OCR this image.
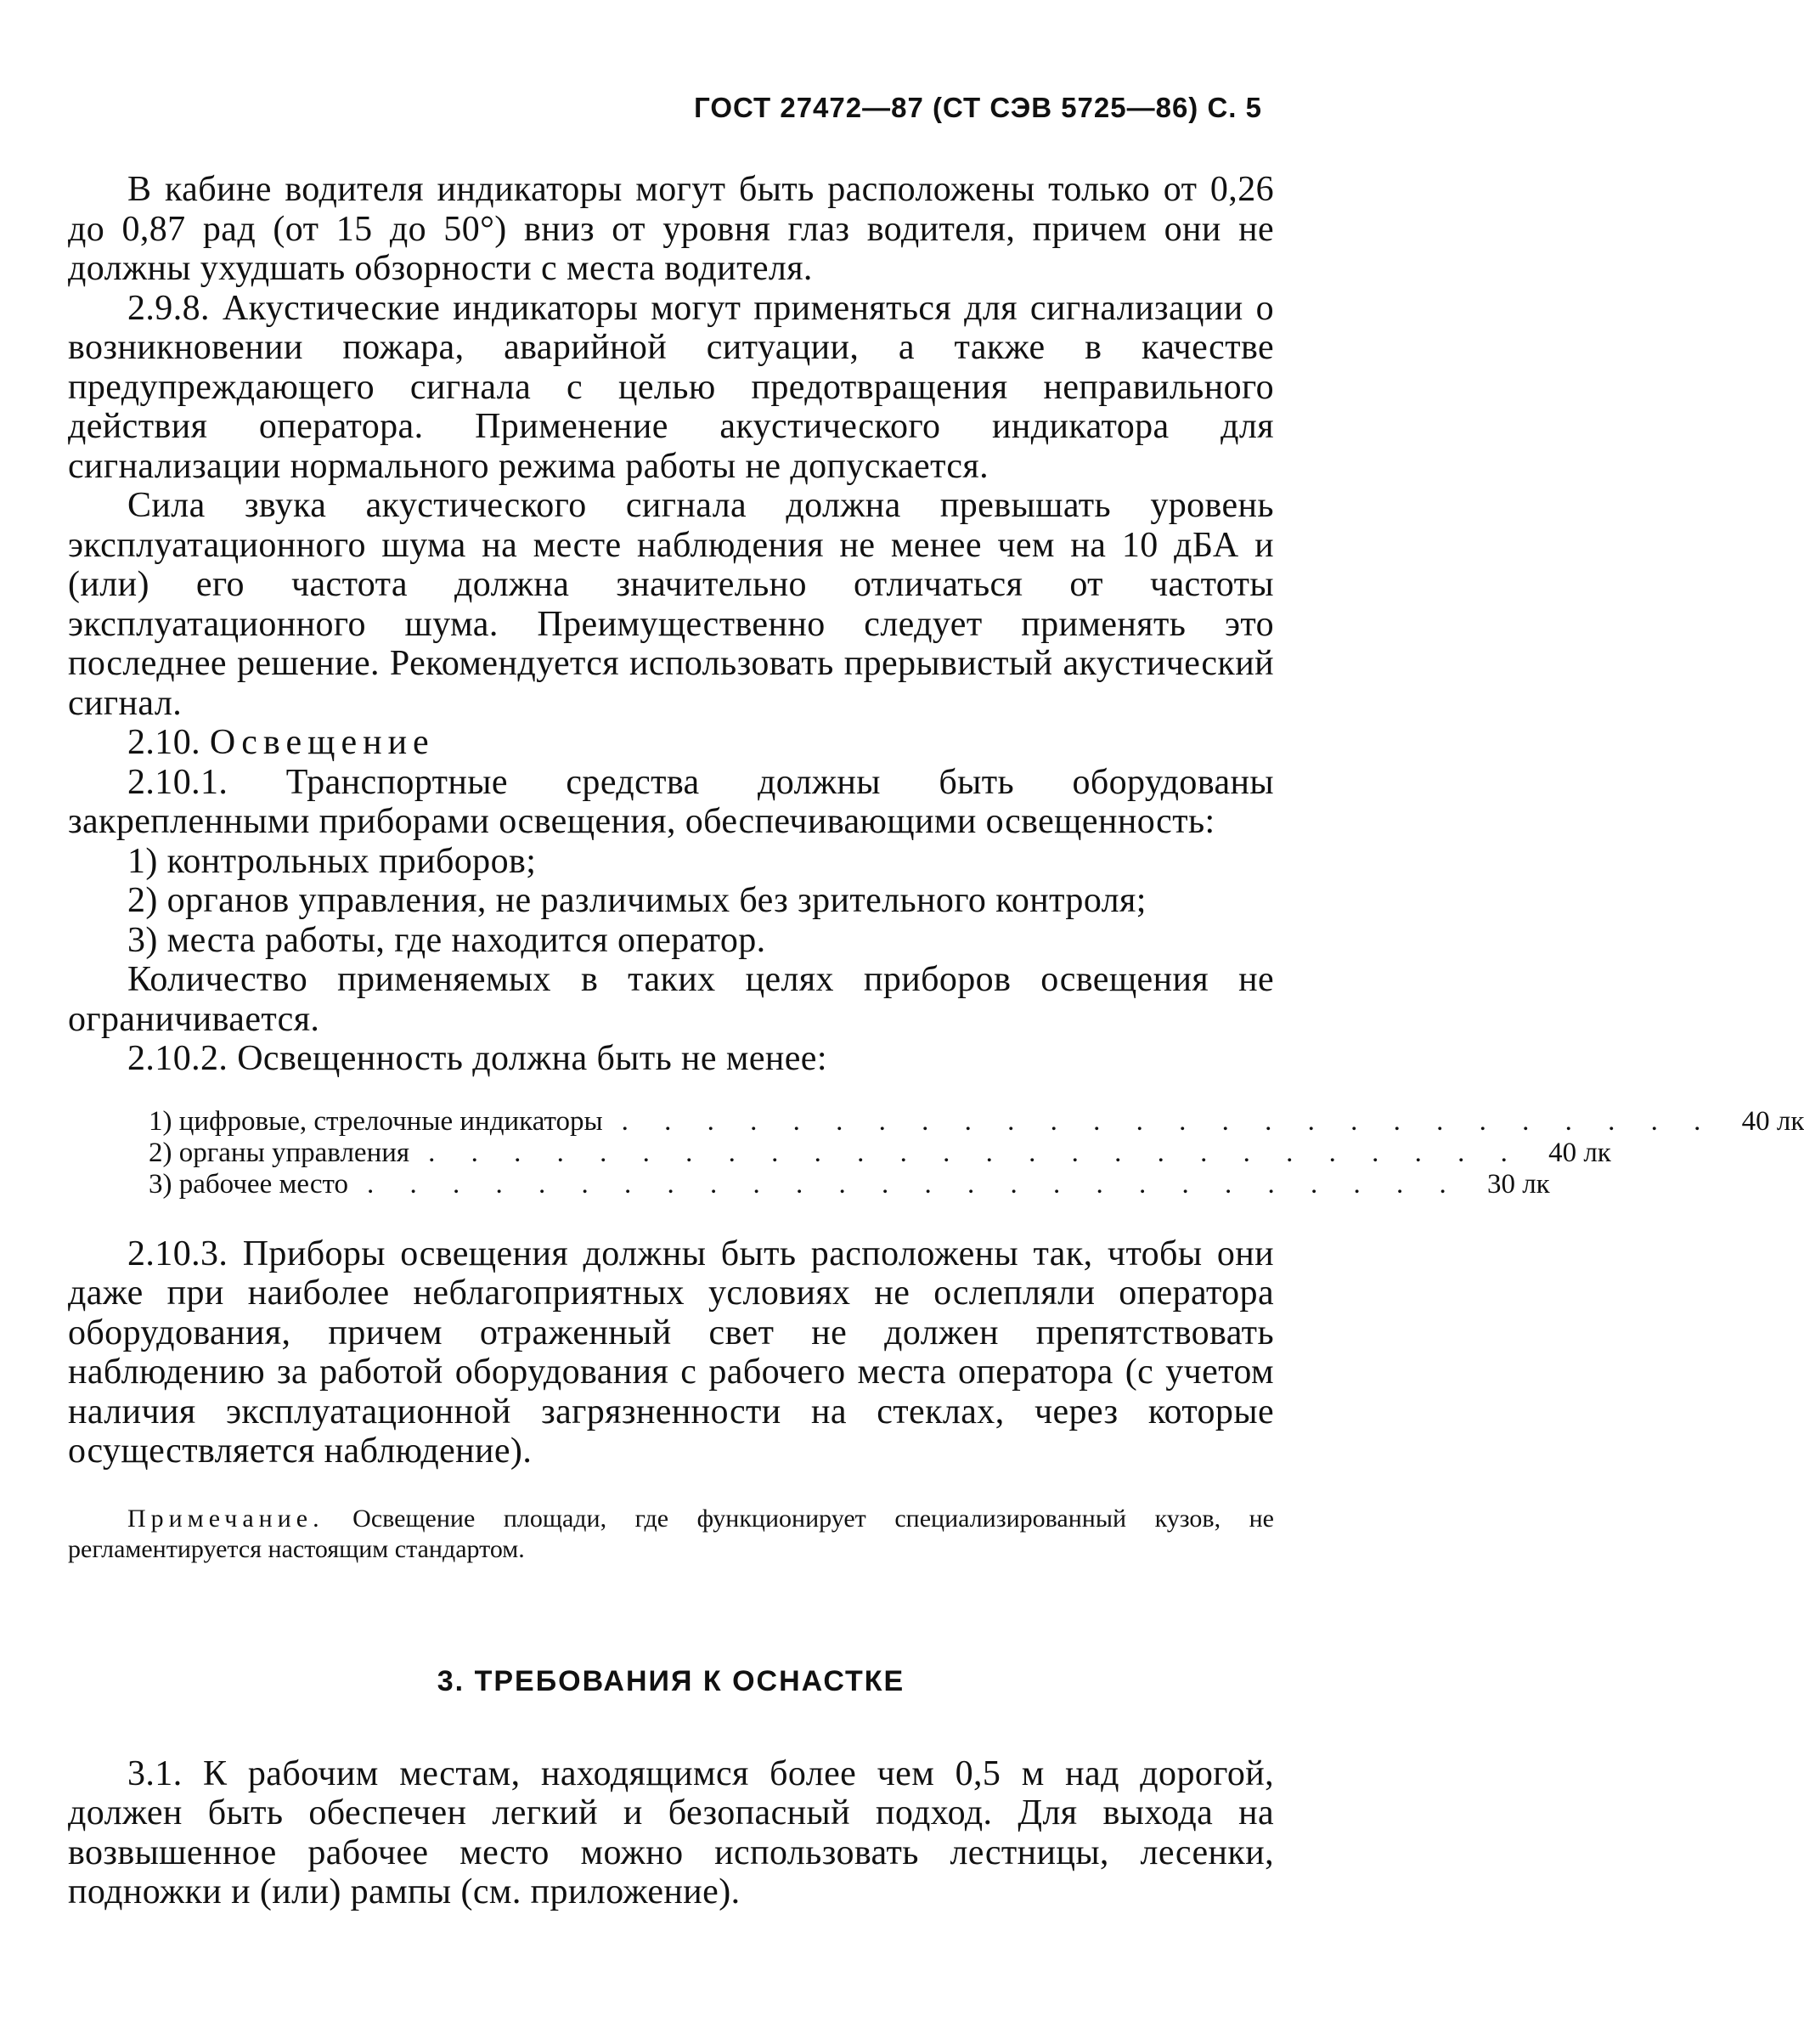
ГОСТ 27472—87 (СТ СЭВ 5725—86) С. 5

В кабине водителя индикаторы могут быть расположены только от 0,26 до 0,87 рад (от 15 до 50°) вниз от уровня глаз водителя, причем они не должны ухудшать обзорности с места водителя.

2.9.8. Акустические индикаторы могут применяться для сигнализации о возникновении пожара, аварийной ситуации, а также в качестве предупреждающего сигнала с целью предотвращения неправильного действия оператора. Применение акустического индикатора для сигнализации нормального режима работы не допускается.

Сила звука акустического сигнала должна превышать уровень эксплуатационного шума на месте наблюдения не менее чем на 10 дБА и (или) его частота должна значительно отличаться от частоты эксплуатационного шума. Преимущественно следует применять это последнее решение. Рекомендуется использовать прерывистый акустический сигнал.

2.10. Освещение

2.10.1. Транспортные средства должны быть оборудованы закрепленными приборами освещения, обеспечивающими освещенность:

1) контрольных приборов;

2) органов управления, не различимых без зрительного контроля;

3) места работы, где находится оператор.

Количество применяемых в таких целях приборов освещения не ограничивается.

2.10.2. Освещенность должна быть не менее:

1) цифровые, стрелочные индикаторы . . . . . . . . . . . . . . . . . . . . . . . . . . 40 лк
2) органы управления . . . . . . . . . . . . . . . . . . . . . . . . . . 40 лк
3) рабочее место . . . . . . . . . . . . . . . . . . . . . . . . . . 30 лк

2.10.3. Приборы освещения должны быть расположены так, чтобы они даже при наиболее неблагоприятных условиях не ослепляли оператора оборудования, причем отраженный свет не должен препятствовать наблюдению за работой оборудования с рабочего места оператора (с учетом наличия эксплуатационной загрязненности на стеклах, через которые осуществляется наблюдение).

Примечание. Освещение площади, где функционирует специализированный кузов, не регламентируется настоящим стандартом.
3. ТРЕБОВАНИЯ К ОСНАСТКЕ

3.1. К рабочим местам, находящимся более чем 0,5 м над дорогой, должен быть обеспечен легкий и безопасный подход. Для выхода на возвышенное рабочее место можно использовать лестницы, лесенки, подножки и (или) рампы (см. приложение).
